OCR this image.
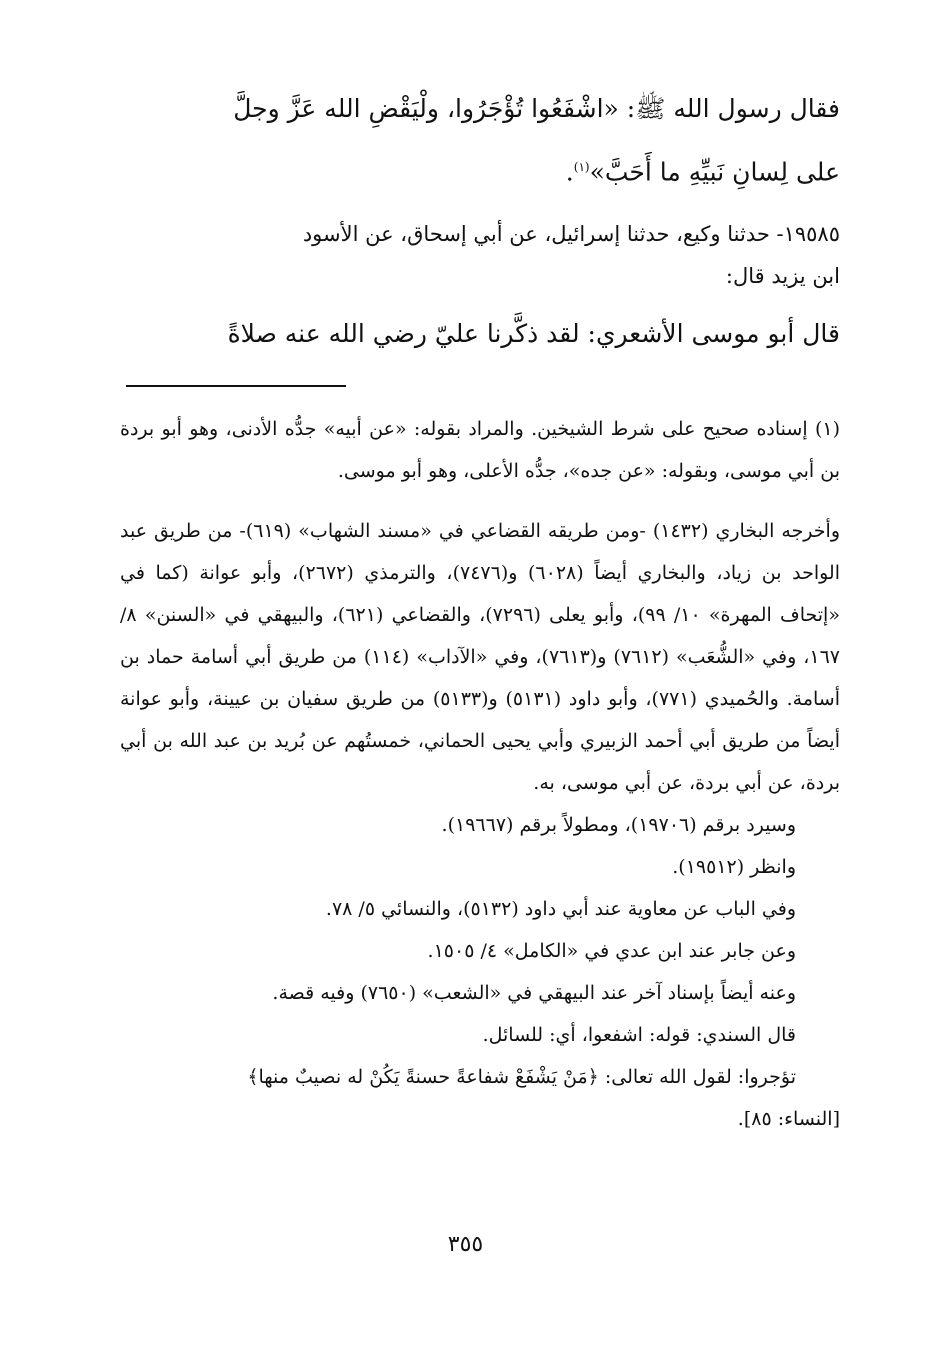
فقال رسول الله ﷺ: «اشْفَعُوا تُؤْجَرُوا، ولْيَقْضِ الله عَزَّ وجلَّ

على لِسانِ نَبيِّهِ ما أَحَبَّ»$^{(١)}$.

١٩٥٨٥- حدثنا وكيع، حدثنا إسرائيل، عن أبي إسحاق، عن الأسود

ابن يزيد قال:

قال أبو موسى الأشعري: لقد ذكَّرنا عليّ رضي الله عنه صلاةً

(١) إسناده صحيح على شرط الشيخين. والمراد بقوله: «عن أبيه» جدُّه الأدنى، وهو أبو بردة بن أبي موسى، وبقوله: «عن جده»، جدُّه الأعلى، وهو أبو موسى.

وأخرجه البخاري (١٤٣٢) -ومن طريقه القضاعي في «مسند الشهاب» (٦١٩)- من طريق عبد الواحد بن زياد، والبخاري أيضاً (٦٠٢٨) و(٧٤٧٦)، والترمذي (٢٦٧٢)، وأبو عوانة (كما في «إتحاف المهرة» ١٠/ ٩٩)، وأبو يعلى (٧٢٩٦)، والقضاعي (٦٢١)، والبيهقي في «السنن» ٨/ ١٦٧، وفي «الشُّعَب» (٧٦١٢) و(٧٦١٣)، وفي «الآداب» (١١٤) من طريق أبي أسامة حماد بن أسامة. والحُميدي (٧٧١)، وأبو داود (٥١٣١) و(٥١٣٣) من طريق سفيان بن عيينة، وأبو عوانة أيضاً من طريق أبي أحمد الزبيري وأبي يحيى الحماني، خمستُهم عن بُريد بن عبد الله بن أبي بردة، عن أبي بردة، عن أبي موسى، به.

وسيرد برقم (١٩٧٠٦)، ومطولاً برقم (١٩٦٦٧).

وانظر (١٩٥١٢).

وفي الباب عن معاوية عند أبي داود (٥١٣٢)، والنسائي ٥/ ٧٨.

وعن جابر عند ابن عدي في «الكامل» ٤/ ١٥٠٥.

وعنه أيضاً بإسناد آخر عند البيهقي في «الشعب» (٧٦٥٠) وفيه قصة.

قال السندي: قوله: اشفعوا، أي: للسائل.

تؤجروا: لقول الله تعالى: ﴿مَنْ يَشْفَعْ شفاعةً حسنةً يَكُنْ له نصيبٌ منها﴾

[النساء: ٨٥].

٣٥٥
